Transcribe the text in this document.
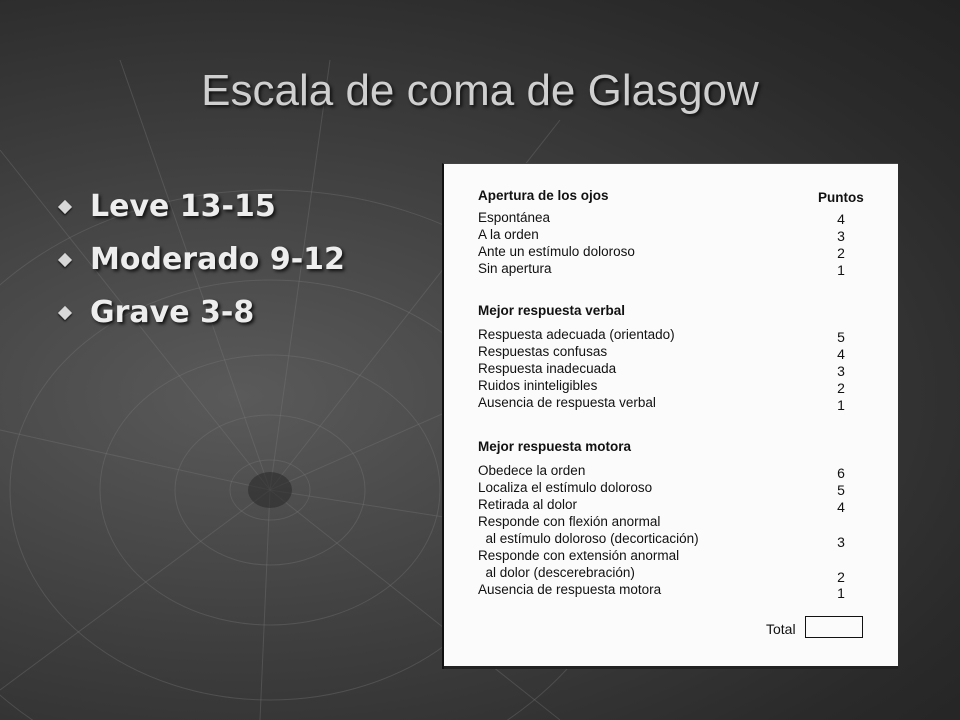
Escala de coma de Glasgow
Leve 13-15
Moderado 9-12
Grave 3-8
Puntos
Apertura de los ojos
Espontánea	4
A la orden	3
Ante un estímulo doloroso	2
Sin apertura	1
Mejor respuesta verbal
Respuesta adecuada (orientado)	5
Respuestas confusas	4
Respuesta inadecuada	3
Ruidos ininteligibles	2
Ausencia de respuesta verbal	1
Mejor respuesta motora
Obedece la orden	6
Localiza el estímulo doloroso	5
Retirada al dolor	4
Responde con flexión anormal
al estímulo doloroso (decorticación)	3
Responde con extensión anormal
al dolor (descerebración)	2
Ausencia de respuesta motora	1
Total
